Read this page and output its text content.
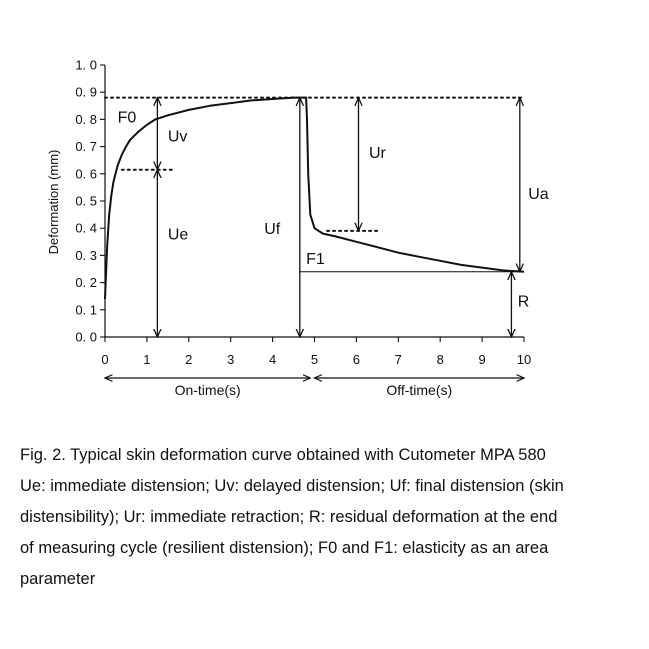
Deformation (mm)
0. 0
0. 1
0. 2
0. 3
0. 4
0. 5
0. 6
0. 7
0. 8
0. 9
1. 0
0	1	2	3	4	5	6	7	8	9 10
F0
Uv
Ue	Uf
F1
Ur
Ua
R
On-time(s)	Off-time(s)

Fig. 2. Typical skin deformation curve obtained with Cutometer MPA 580

Ue: immediate distension; Uv: delayed distension; Uf: final distension (skin

distensibility); Ur: immediate retraction; R: residual deformation at the end

of measuring cycle (resilient distension); F0 and F1: elasticity as an area

parameter
